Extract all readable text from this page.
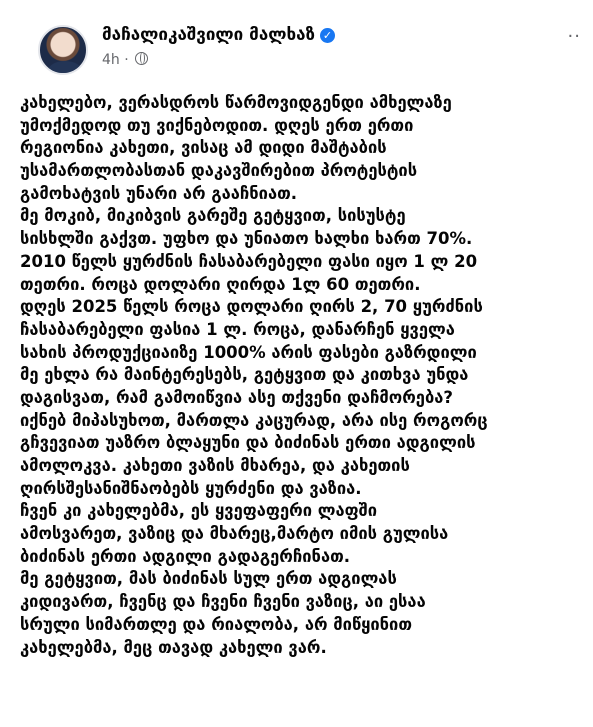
მაჩალიკაშვილი მალხაზ ✓
4h ·
··
კახელებო, ვერასდროს წარმოვიდგენდი ამხელაზე
უმოქმედოდ თუ ვიქნებოდით. დღეს ერთ ერთი
რეგიონია კახეთი, ვისაც ამ დიდი მაშტაბის
უსამართლობასთან დაკავშირებით პროტესტის
გამოხატვის უნარი არ გააჩნიათ.
მე მოკიბ, მიკიბვის გარეშე გეტყვით, სისუსტე
სისხლში გაქვთ. უფხო და უნიათო ხალხი ხართ 70%.
2010 წელს ყურძნის ჩასაბარებელი ფასი იყო 1 ლ 20
თეთრი. როცა დოლარი ღირდა 1ლ 60 თეთრი.
დღეს 2025 წელს როცა დოლარი ღირს 2, 70 ყურძნის
ჩასაბარებელი ფასია 1 ლ. როცა, დანარჩენ ყველა
სახის პროდუქციაიზე 1000% არის ფასები გაზრდილი
მე ეხლა რა მაინტერესებს, გეტყვით და კითხვა უნდა
დაგისვათ, რამ გამოიწვია ასე თქვენი დაჩმორება?
იქნებ მიპასუხოთ, მართლა კაცურად, არა ისე როგორც
გჩვევიათ უაზრო ბლაყუნი და ბიძინას ერთი ადგილის
ამოლოკვა. კახეთი ვაზის მხარეა, და კახეთის
ღირსშესანიშნაობებს ყურძენი და ვაზია.
ჩვენ კი კახელებმა, ეს ყვეფაფერი ლაფში
ამოსვარეთ, ვაზიც და მხარეც,მარტო იმის გულისა
ბიძინას ერთი ადგილი გადაგერჩინათ.
მე გეტყვით, მას ბიძინას სულ ერთ ადგილას
კიდივართ, ჩვენც და ჩვენი ჩვენი ვაზიც, აი ესაა
სრული სიმართლე და რიალობა, არ მიწყინით
კახელებმა, მეც თავად კახელი ვარ.
